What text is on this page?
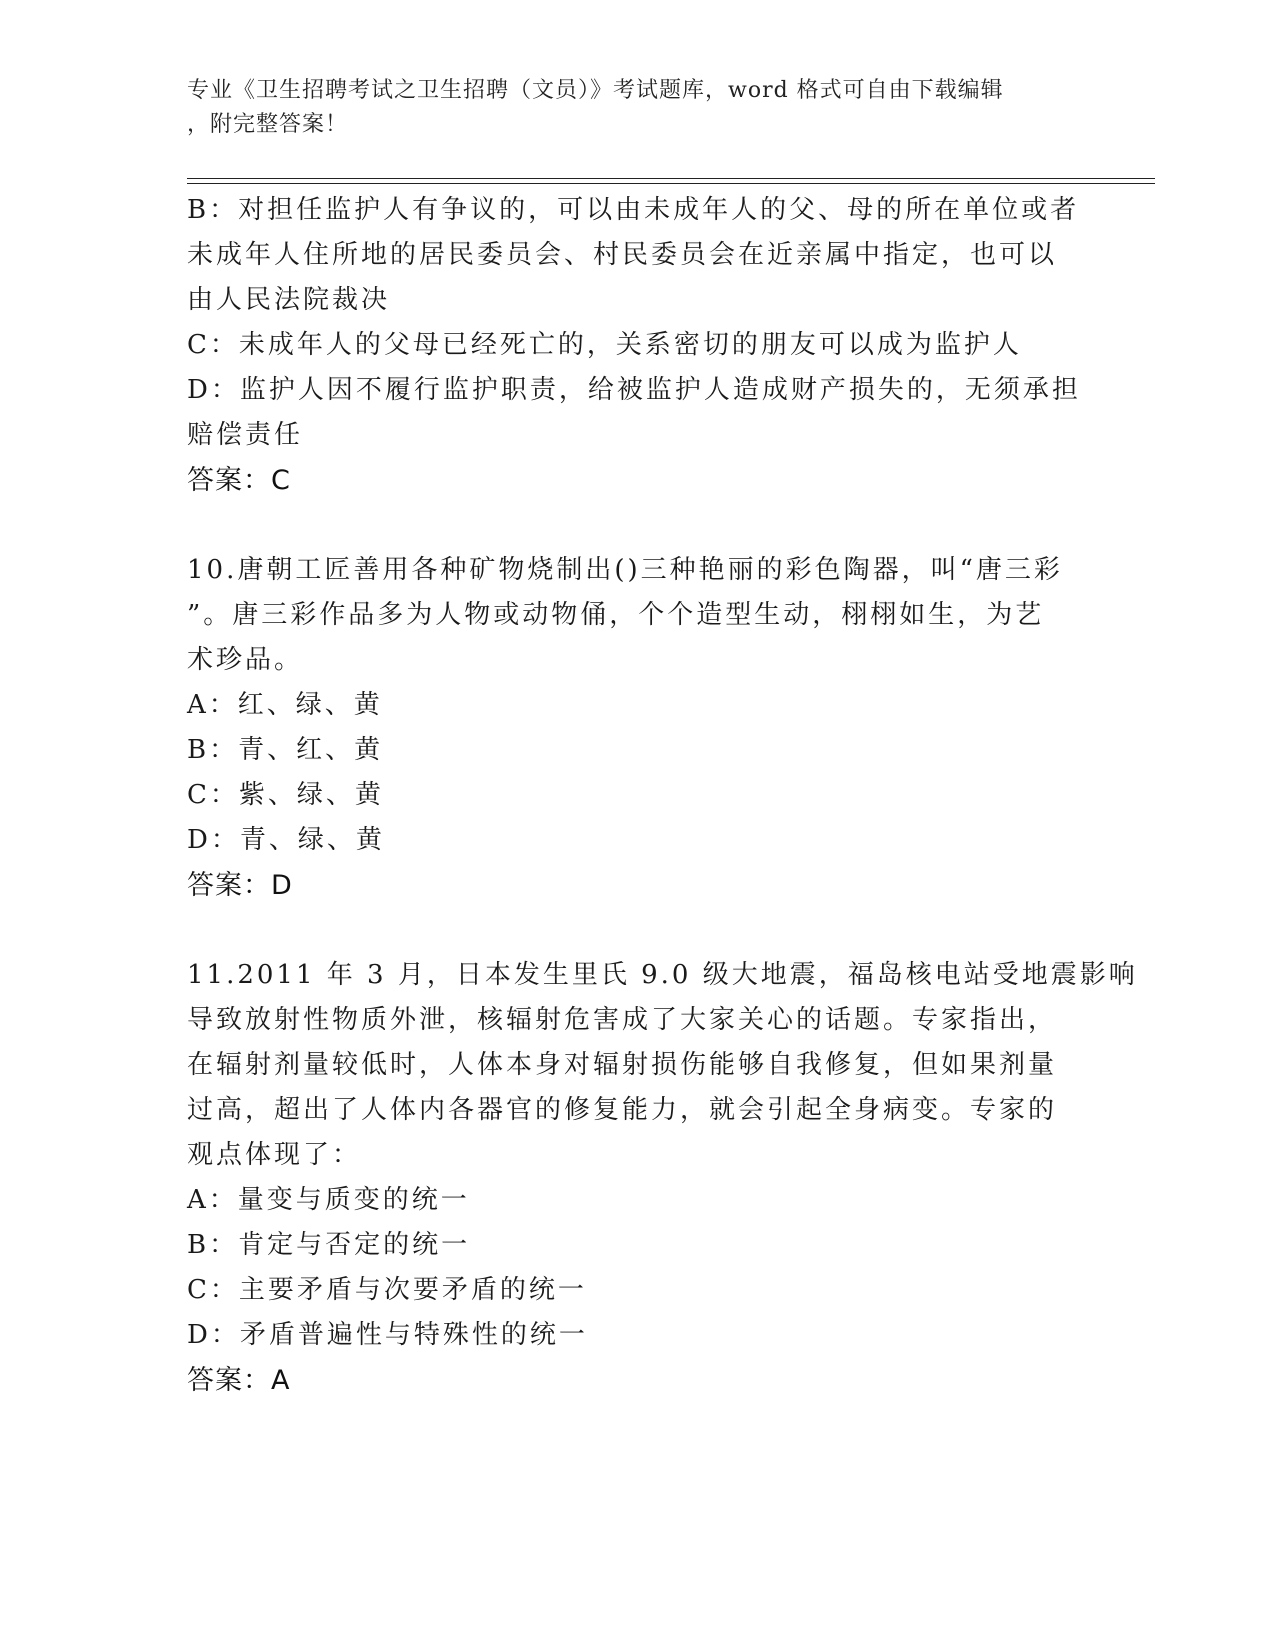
专业《卫生招聘考试之卫生招聘（文员）》考试题库，word 格式可自由下载编辑
，附完整答案！
B：对担任监护人有争议的，可以由未成年人的父、母的所在单位或者
未成年人住所地的居民委员会、村民委员会在近亲属中指定，也可以
由人民法院裁决
C：未成年人的父母已经死亡的，关系密切的朋友可以成为监护人
D：监护人因不履行监护职责，给被监护人造成财产损失的，无须承担
赔偿责任
答案：C
10.唐朝工匠善用各种矿物烧制出()三种艳丽的彩色陶器，叫“唐三彩
”。唐三彩作品多为人物或动物俑，个个造型生动，栩栩如生，为艺
术珍品。
A：红、绿、黄
B：青、红、黄
C：紫、绿、黄
D：青、绿、黄
答案：D
11.2011 年 3 月，日本发生里氏 9.0 级大地震，福岛核电站受地震影响
导致放射性物质外泄，核辐射危害成了大家关心的话题。专家指出，
在辐射剂量较低时，人体本身对辐射损伤能够自我修复，但如果剂量
过高，超出了人体内各器官的修复能力，就会引起全身病变。专家的
观点体现了：
A：量变与质变的统一
B：肯定与否定的统一
C：主要矛盾与次要矛盾的统一
D：矛盾普遍性与特殊性的统一
答案：A
